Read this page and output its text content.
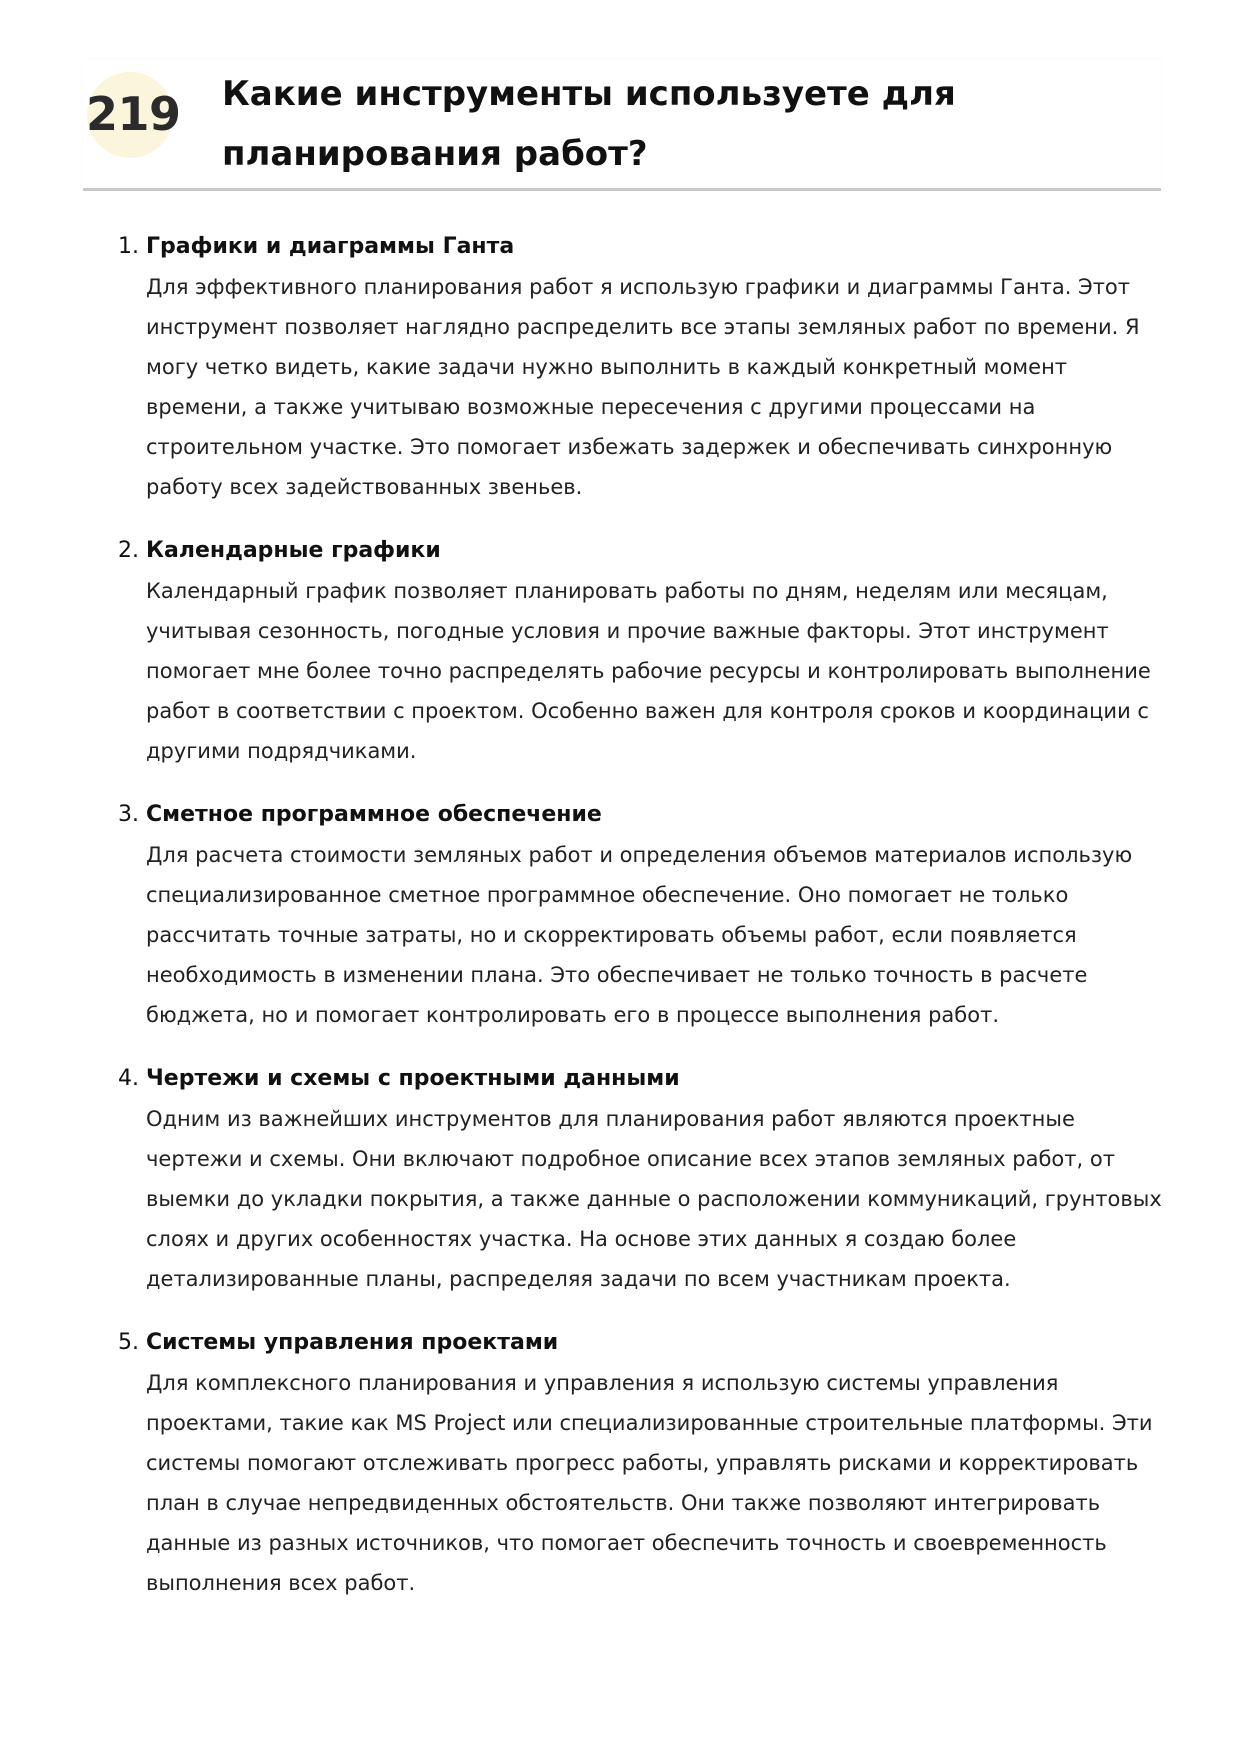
219 Какие инструменты используете для планирования работ?
1. Графики и диаграммы Ганта

Для эффективного планирования работ я использую графики и диаграммы Ганта. Этот инструмент позволяет наглядно распределить все этапы земляных работ по времени. Я могу четко видеть, какие задачи нужно выполнить в каждый конкретный момент времени, а также учитываю возможные пересечения с другими процессами на строительном участке. Это помогает избежать задержек и обеспечивать синхронную работу всех задействованных звеньев.

2. Календарные графики

Календарный график позволяет планировать работы по дням, неделям или месяцам, учитывая сезонность, погодные условия и прочие важные факторы. Этот инструмент помогает мне более точно распределять рабочие ресурсы и контролировать выполнение работ в соответствии с проектом. Особенно важен для контроля сроков и координации с другими подрядчиками.

3. Сметное программное обеспечение

Для расчета стоимости земляных работ и определения объемов материалов использую специализированное сметное программное обеспечение. Оно помогает не только рассчитать точные затраты, но и скорректировать объемы работ, если появляется необходимость в изменении плана. Это обеспечивает не только точность в расчете бюджета, но и помогает контролировать его в процессе выполнения работ.

4. Чертежи и схемы с проектными данными

Одним из важнейших инструментов для планирования работ являются проектные чертежи и схемы. Они включают подробное описание всех этапов земляных работ, от выемки до укладки покрытия, а также данные о расположении коммуникаций, грунтовых слоях и других особенностях участка. На основе этих данных я создаю более детализированные планы, распределяя задачи по всем участникам проекта.

5. Системы управления проектами

Для комплексного планирования и управления я использую системы управления проектами, такие как MS Project или специализированные строительные платформы. Эти системы помогают отслеживать прогресс работы, управлять рисками и корректировать план в случае непредвиденных обстоятельств. Они также позволяют интегрировать данные из разных источников, что помогает обеспечить точность и своевременность выполнения всех работ.
